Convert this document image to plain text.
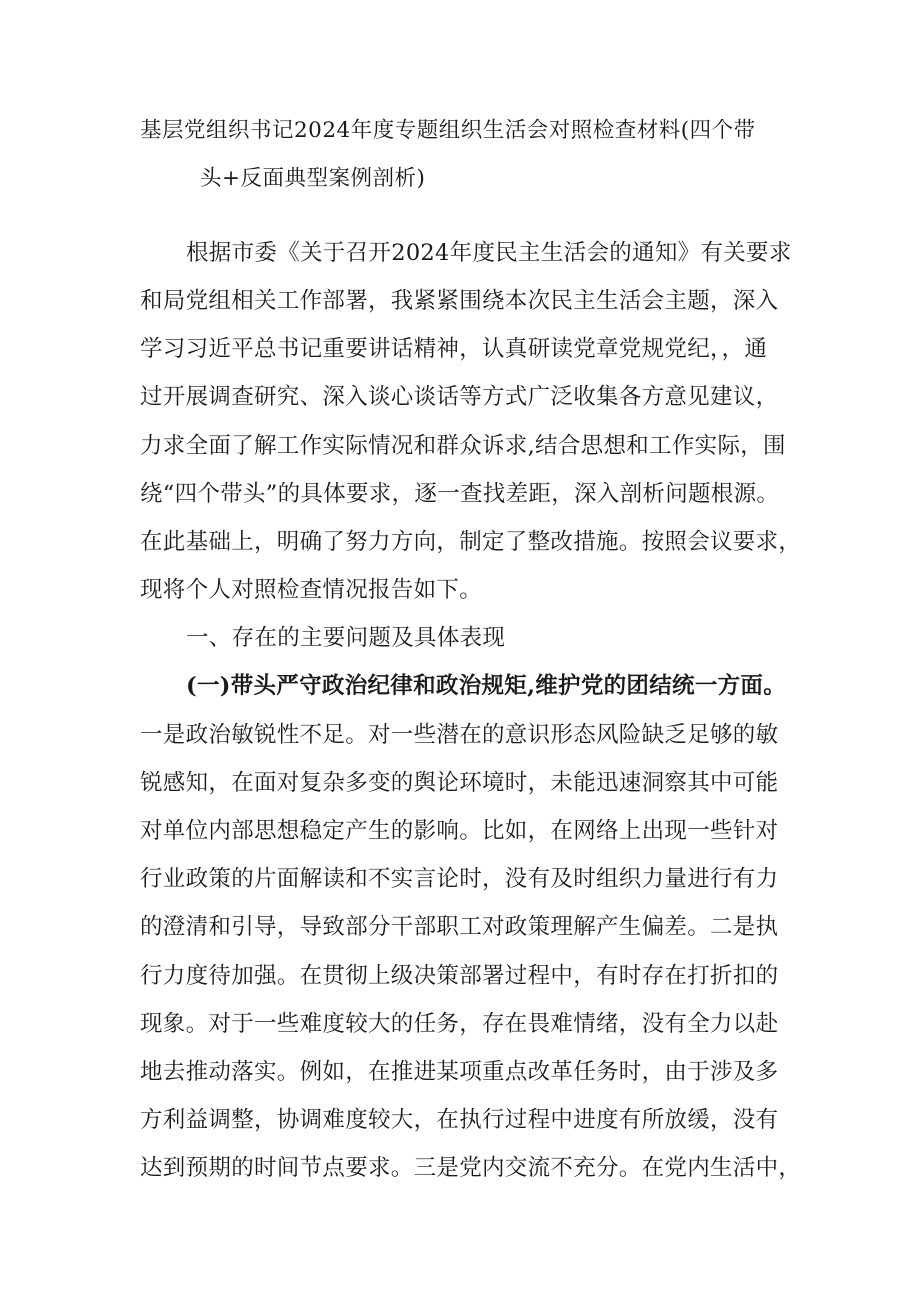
基层党组织书记2024年度专题组织生活会对照检查材料(四个带
头+反面典型案例剖析)
根据市委《关于召开2024年度民主生活会的通知》有关要求
和局党组相关工作部署，我紧紧围绕本次民主生活会主题，深入
学习习近平总书记重要讲话精神，认真研读党章党规党纪，，通
过开展调查研究、深入谈心谈话等方式广泛收集各方意见建议，
力求全面了解工作实际情况和群众诉求,结合思想和工作实际，围
绕“四个带头”的具体要求，逐一查找差距，深入剖析问题根源。
在此基础上，明确了努力方向，制定了整改措施。按照会议要求，
现将个人对照检查情况报告如下。
一、存在的主要问题及具体表现
(一)带头严守政治纪律和政治规矩,维护党的团结统一方面。
一是政治敏锐性不足。对一些潜在的意识形态风险缺乏足够的敏
锐感知，在面对复杂多变的舆论环境时，未能迅速洞察其中可能
对单位内部思想稳定产生的影响。比如，在网络上出现一些针对
行业政策的片面解读和不实言论时，没有及时组织力量进行有力
的澄清和引导，导致部分干部职工对政策理解产生偏差。二是执
行力度待加强。在贯彻上级决策部署过程中，有时存在打折扣的
现象。对于一些难度较大的任务，存在畏难情绪，没有全力以赴
地去推动落实。例如，在推进某项重点改革任务时，由于涉及多
方利益调整，协调难度较大，在执行过程中进度有所放缓，没有
达到预期的时间节点要求。三是党内交流不充分。在党内生活中，
